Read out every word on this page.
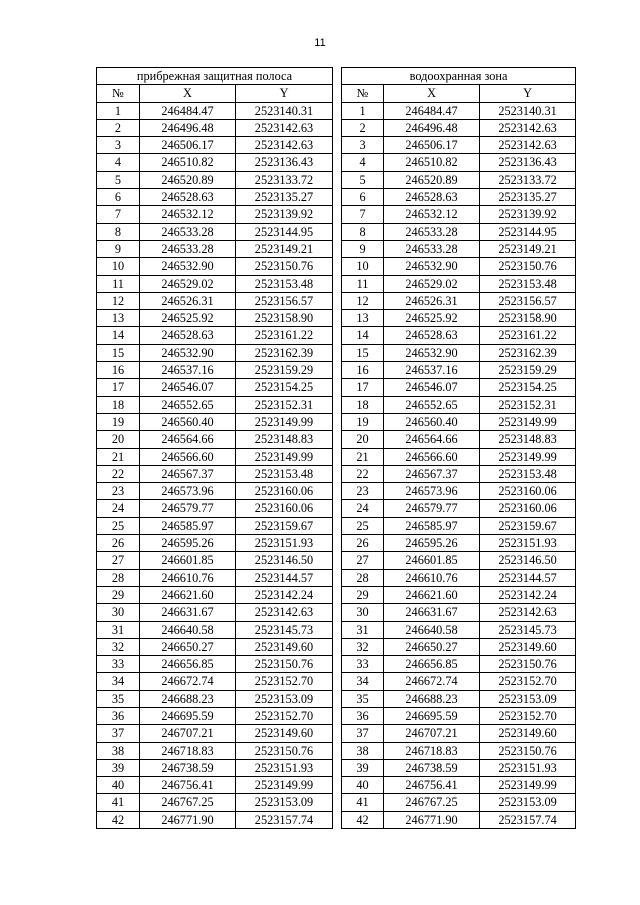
11
прибрежная защитная полоса		
№	X	Y
1	246484.47	2523140.31
2	246496.48	2523142.63
3	246506.17	2523142.63
4	246510.82	2523136.43
5	246520.89	2523133.72
6	246528.63	2523135.27
7	246532.12	2523139.92
8	246533.28	2523144.95
9	246533.28	2523149.21
10	246532.90	2523150.76
11	246529.02	2523153.48
12	246526.31	2523156.57
13	246525.92	2523158.90
14	246528.63	2523161.22
15	246532.90	2523162.39
16	246537.16	2523159.29
17	246546.07	2523154.25
18	246552.65	2523152.31
19	246560.40	2523149.99
20	246564.66	2523148.83
21	246566.60	2523149.99
22	246567.37	2523153.48
23	246573.96	2523160.06
24	246579.77	2523160.06
25	246585.97	2523159.67
26	246595.26	2523151.93
27	246601.85	2523146.50
28	246610.76	2523144.57
29	246621.60	2523142.24
30	246631.67	2523142.63
31	246640.58	2523145.73
32	246650.27	2523149.60
33	246656.85	2523150.76
34	246672.74	2523152.70
35	246688.23	2523153.09
36	246695.59	2523152.70
37	246707.21	2523149.60
38	246718.83	2523150.76
39	246738.59	2523151.93
40	246756.41	2523149.99
41	246767.25	2523153.09
42	246771.90	2523157.74
водоохранная зона		
№	X	Y
1	246484.47	2523140.31
2	246496.48	2523142.63
3	246506.17	2523142.63
4	246510.82	2523136.43
5	246520.89	2523133.72
6	246528.63	2523135.27
7	246532.12	2523139.92
8	246533.28	2523144.95
9	246533.28	2523149.21
10	246532.90	2523150.76
11	246529.02	2523153.48
12	246526.31	2523156.57
13	246525.92	2523158.90
14	246528.63	2523161.22
15	246532.90	2523162.39
16	246537.16	2523159.29
17	246546.07	2523154.25
18	246552.65	2523152.31
19	246560.40	2523149.99
20	246564.66	2523148.83
21	246566.60	2523149.99
22	246567.37	2523153.48
23	246573.96	2523160.06
24	246579.77	2523160.06
25	246585.97	2523159.67
26	246595.26	2523151.93
27	246601.85	2523146.50
28	246610.76	2523144.57
29	246621.60	2523142.24
30	246631.67	2523142.63
31	246640.58	2523145.73
32	246650.27	2523149.60
33	246656.85	2523150.76
34	246672.74	2523152.70
35	246688.23	2523153.09
36	246695.59	2523152.70
37	246707.21	2523149.60
38	246718.83	2523150.76
39	246738.59	2523151.93
40	246756.41	2523149.99
41	246767.25	2523153.09
42	246771.90	2523157.74
